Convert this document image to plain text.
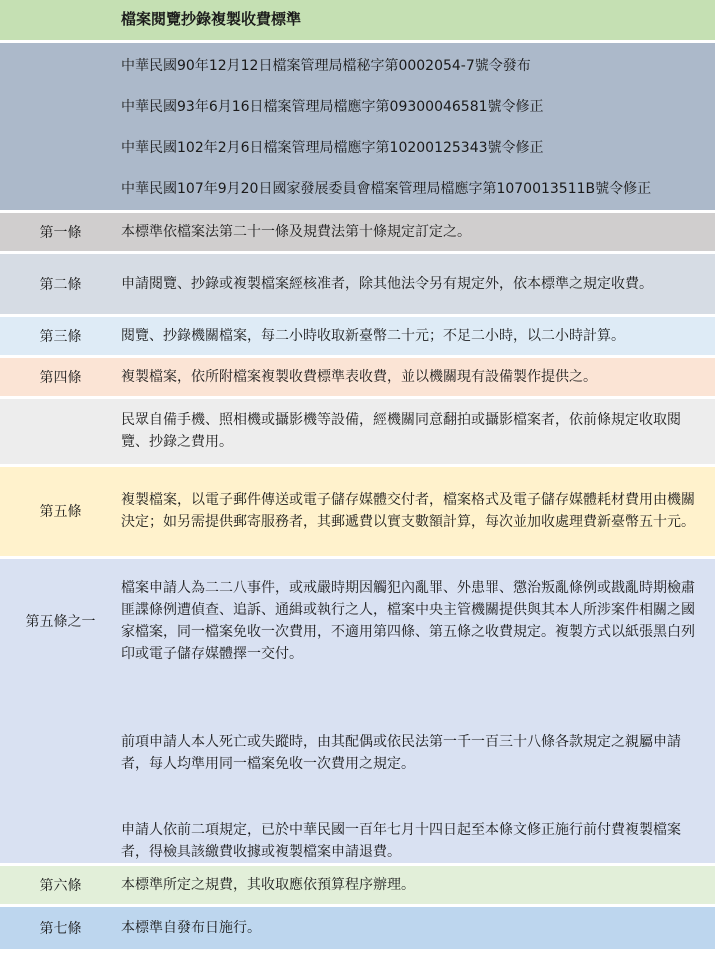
	檔案閱覽抄錄複製收費標準

	中華民國90年12月12日檔案管理局檔秘字第0002054-7號令發布
中華民國93年6月16日檔案管理局檔應字第09300046581號令修正
中華民國102年2月6日檔案管理局檔應字第10200125343號令修正
中華民國107年9月20日國家發展委員會檔案管理局檔應字第1070013511B號令修正

第一條	本標準依檔案法第二十一條及規費法第十條規定訂定之。
第二條	申請閱覽、抄錄或複製檔案經核准者，除其他法令另有規定外，依本標準之規定收費。
第三條	閱覽、抄錄機關檔案，每二小時收取新臺幣二十元；不足二小時，以二小時計算。
第四條	複製檔案，依所附檔案複製收費標準表收費，並以機關現有設備製作提供之。
	民眾自備手機、照相機或攝影機等設備，經機關同意翻拍或攝影檔案者，依前條規定收取閱覽、抄錄之費用。
第五條	複製檔案，以電子郵件傳送或電子儲存媒體交付者，檔案格式及電子儲存媒體耗材費用由機關決定；如另需提供郵寄服務者，其郵遞費以實支數額計算，每次並加收處理費新臺幣五十元。
第五條之一	檔案申請人為二二八事件，或戒嚴時期因觸犯內亂罪、外患罪、懲治叛亂條例或戡亂時期檢肅匪諜條例遭偵查、追訴、通緝或執行之人，檔案中央主管機關提供與其本人所涉案件相關之國家檔案，同一檔案免收一次費用，不適用第四條、第五條之收費規定。複製方式以紙張黑白列印或電子儲存媒體擇一交付。
前項申請人本人死亡或失蹤時，由其配偶或依民法第一千一百三十八條各款規定之親屬申請者，每人均準用同一檔案免收一次費用之規定。
申請人依前二項規定，已於中華民國一百年七月十四日起至本條文修正施行前付費複製檔案者，得檢具該繳費收據或複製檔案申請退費。

第六條	本標準所定之規費，其收取應依預算程序辦理。
第七條	本標準自發布日施行。
